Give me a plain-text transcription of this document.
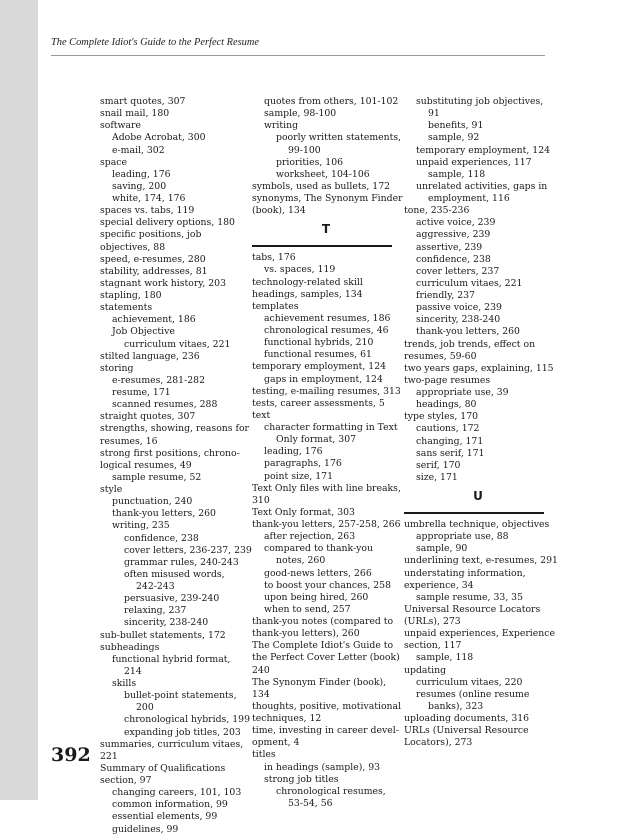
The Complete Idiot's Guide to the Perfect Resume
smart quotes, 307
snail mail, 180
software
Adobe Acrobat, 300
e-mail, 302
space
leading, 176
saving, 200
white, 174, 176
spaces vs. tabs, 119
special delivery options, 180
specific positions, job
objectives, 88
speed, e-resumes, 280
stability, addresses, 81
stagnant work history, 203
stapling, 180
statements
achievement, 186
Job Objective
curriculum vitaes, 221
stilted language, 236
storing
e-resumes, 281-282
resume, 171
scanned resumes, 288
straight quotes, 307
strengths, showing, reasons for
resumes, 16
strong first positions, chrono-
logical resumes, 49
sample resume, 52
style
punctuation, 240
thank-you letters, 260
writing, 235
confidence, 238
cover letters, 236-237, 239
grammar rules, 240-243
often misused words,
242-243
persuasive, 239-240
relaxing, 237
sincerity, 238-240
sub-bullet statements, 172
subheadings
functional hybrid format,
214
skills
bullet-point statements,
200
chronological hybrids, 199
expanding job titles, 203
summaries, curriculum vitaes,
221
Summary of Qualifications
section, 97
changing careers, 101, 103
common information, 99
essential elements, 99
guidelines, 99
quotes from others, 101-102
sample, 98-100
writing
poorly written statements,
99-100
priorities, 106
worksheet, 104-106
symbols, used as bullets, 172
synonyms, The Synonym Finder
(book), 134
T
tabs, 176
vs. spaces, 119
technology-related skill
headings, samples, 134
templates
achievement resumes, 186
chronological resumes, 46
functional hybrids, 210
functional resumes, 61
temporary employment, 124
gaps in employment, 124
testing, e-mailing resumes, 313
tests, career assessments, 5
text
character formatting in Text
Only format, 307
leading, 176
paragraphs, 176
point size, 171
Text Only files with line breaks,
310
Text Only format, 303
thank-you letters, 257-258, 266
after rejection, 263
compared to thank-you
notes, 260
good-news letters, 266
to boost your chances, 258
upon being hired, 260
when to send, 257
thank-you notes (compared to
thank-you letters), 260
The Complete Idiot's Guide to
the Perfect Cover Letter (book)
240
The Synonym Finder (book),
134
thoughts, positive, motivational
techniques, 12
time, investing in career devel-
opment, 4
titles
in headings (sample), 93
strong job titles
chronological resumes,
53-54, 56
substituting job objectives,
91
benefits, 91
sample, 92
temporary employment, 124
unpaid experiences, 117
sample, 118
unrelated activities, gaps in
employment, 116
tone, 235-236
active voice, 239
aggressive, 239
assertive, 239
confidence, 238
cover letters, 237
curriculum vitaes, 221
friendly, 237
passive voice, 239
sincerity, 238-240
thank-you letters, 260
trends, job trends, effect on
resumes, 59-60
two years gaps, explaining, 115
two-page resumes
appropriate use, 39
headings, 80
type styles, 170
cautions, 172
changing, 171
sans serif, 171
serif, 170
size, 171
U
umbrella technique, objectives
appropriate use, 88
sample, 90
underlining text, e-resumes, 291
understating information,
experience, 34
sample resume, 33, 35
Universal Resource Locators
(URLs), 273
unpaid experiences, Experience
section, 117
sample, 118
updating
curriculum vitaes, 220
resumes (online resume
banks), 323
uploading documents, 316
URLs (Universal Resource
Locators), 273
392
